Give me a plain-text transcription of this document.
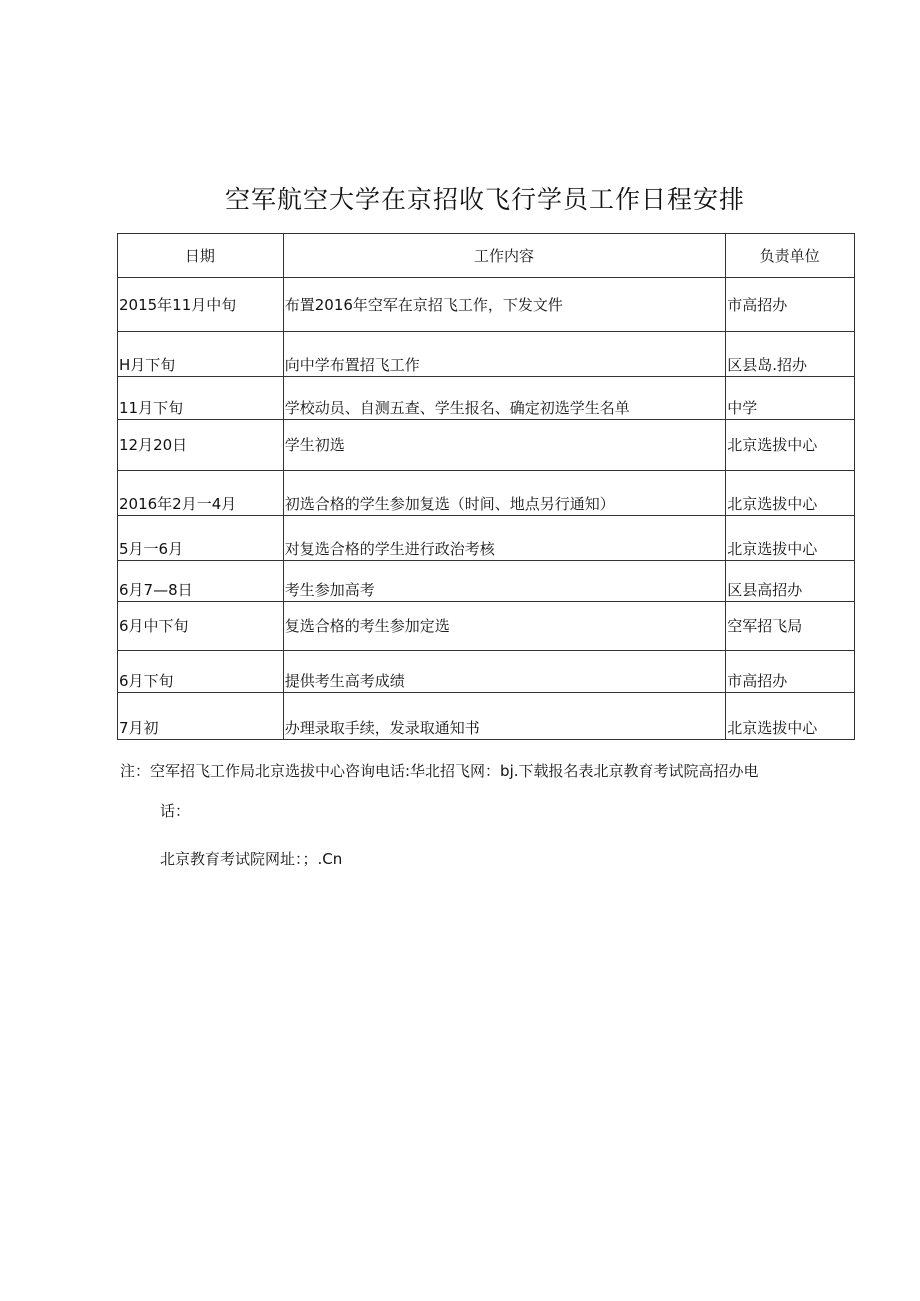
空军航空大学在京招收飞行学员工作日程安排
日期	工作内容	负责单位
2015年11月中旬	布置2016年空军在京招飞工作，下发文件	市高招办
H月下旬	向中学布置招飞工作	区县岛.招办
11月下旬	学校动员、自测五查、学生报名、确定初选学生名单	中学
12月20日	学生初选	北京选拔中心
2016年2月一4月	初选合格的学生参加复选（时间、地点另行通知）	北京选拔中心
5月一6月	对复选合格的学生进行政治考核	北京选拔中心
6月7—8日	考生参加高考	区县高招办
6月中下旬	复选合格的考生参加定选	空军招飞局
6月下旬	提供考生高考成绩	市高招办
7月初	办理录取手续，发录取通知书	北京选拔中心

注：空军招飞工作局北京选拔中心咨询电话:华北招飞网：bj.下载报名表北京教育考试院高招办电

话：

北京教育考试院网址：；.Cn
